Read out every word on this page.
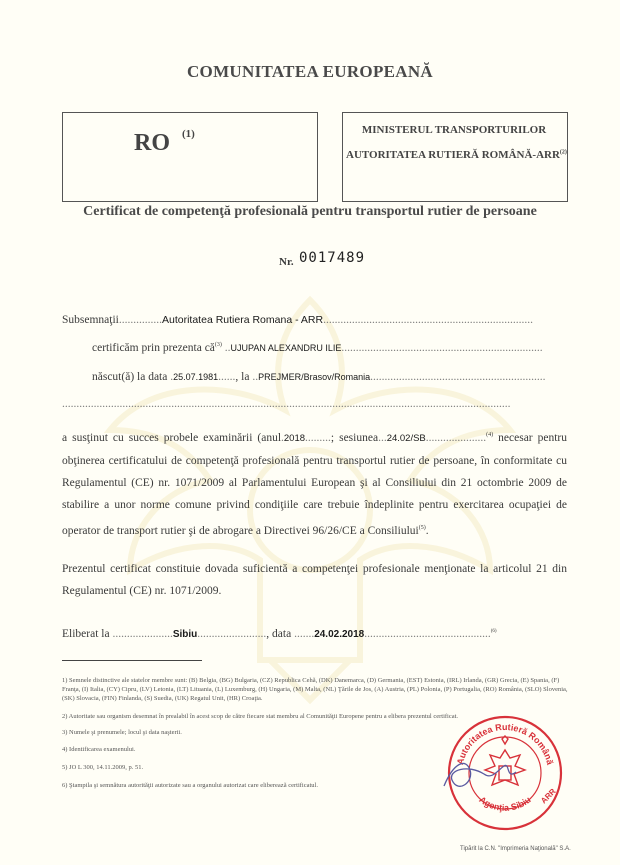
COMUNITATEA EUROPEANĂ
RO (1)	MINISTERUL TRANSPORTURILOR
AUTORITATEA RUTIERĂ ROMÂNĂ-ARR$^{(2)}$
Certificat de competenţă profesională pentru transportul rutier de persoane
Nr. 0017489
Subsemnaţii...............Autoritatea Rutiera Romana - ARR.........................................................................
certificăm prin prezenta $că^{(3)}$ ..UJUPAN ALEXANDRU ILIE......................................................................
născut(ă) la data .25.07.1981......, la ..PREJMER/Brasov/Romania.............................................................
............................................................................................................................................................
a susţinut cu succes probele examinării (anul.2018.........; sesiunea...24.02/SB.....................$^{(4)}$ necesar pentru obţinerea certificatului de competenţă profesională pentru transportul rutier de persoane, în conformitate cu Regulamentul (CE) nr. 1071/2009 al Parlamentului European şi al Consiliului din 21 octombrie 2009 de stabilire a unor norme comune privind condiţiile care trebuie îndeplinite pentru exercitarea ocupaţiei de operator de transport rutier şi de abrogare a Directivei 96/26/CE a Consiliului$^{(5)}$.
Prezentul certificat constituie dovada suficientă a competenţei profesionale menţionate la articolul 21 din Regulamentul (CE) nr. 1071/2009.
Eliberat la .....................Sibiu........................, data .......24.02.2018............................................$^{(6)}$
1) Semnele distinctive ale statelor membre sunt: (B) Belgia, (BG) Bulgaria, (CZ) Republica Cehă, (DK) Danemarca, (D) Germania, (EST) Estonia, (IRL) Irlanda, (GR) Grecia, (E) Spania, (F) Franţa, (I) Italia, (CY) Cipru, (LV) Letonia, (LT) Lituania, (L) Luxemburg, (H) Ungaria, (M) Malta, (NL) Ţările de Jos, (A) Austria, (PL) Polonia, (P) Portugalia, (RO) România, (SLO) Slovenia, (SK) Slovacia, (FIN) Finlanda, (S) Suedia, (UK) Regatul Unit, (HR) Croaţia.
2) Autoritate sau organism desemnat în prealabil în acest scop de către fiecare stat membru al Comunităţii Europene pentru a elibera prezentul certificat.
3) Numele şi prenumele; locul şi data naşterii.
4) Identificarea examenului.
5) JO L 300, 14.11.2009, p. 51.
6) Ştampila şi semnătura autorităţii autorizate sau a organului autorizat care eliberează certificatul.
Autoritatea Rutieră Română
Agenţia Sibiu ARR
Tipărit la C.N. "Imprimeria Naţională" S.A.
